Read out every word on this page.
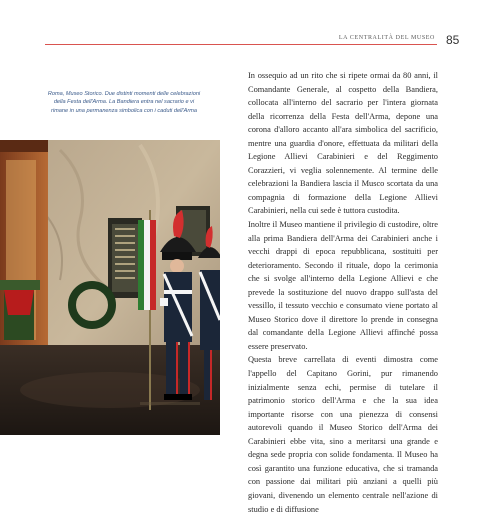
LA CENTRALITÀ DEL MUSEO 85
Roma, Museo Storico. Due distinti momenti delle celebrazioni
della Festa dell'Arma. La Bandiera entra nel sacrario e vi
rimane in una permanenza simbolica con i caduti dell'Arma

In ossequio ad un rito che si ripete ormai da 80 anni, il Comandante Generale, al cospetto della Bandiera, collocata all'interno del sacrario per l'intera giornata della ricorrenza della Festa dell'Arma, depone una corona d'alloro accanto all'ara simbolica del sacrificio, mentre una guardia d'onore, effettuata da militari della Legione Allievi Carabinieri e del Reggimento Corazzieri, vi veglia solennemente. Al termine delle celebrazioni la Bandiera lascia il Musco scortata da una compagnia di formazione della Legione Allievi Carabinieri, nella cui sede è tuttora custodita.

Inoltre il Museo mantiene il privilegio di custodire, oltre alla prima Bandiera dell'Arma dei Carabinieri anche i vecchi drappi di epoca repubblicana, sostituiti per deterioramento. Secondo il rituale, dopo la cerimonia che si svolge all'interno della Legione Allievi e che prevede la sostituzione del nuovo drappo sull'asta del vessillo, il tessuto vecchio e consumato viene portato al Museo Storico dove il direttore lo prende in consegna dal comandante della Legione Allievi affinché possa essere preservato.

Questa breve carrellata di eventi dimostra come l'appello del Capitano Gorini, pur rimanendo inizialmente senza echi, permise di tutelare il patrimonio storico dell'Arma e che la sua idea importante risorse con una pienezza di consensi autorevoli quando il Museo Storico dell'Arma dei Carabinieri ebbe vita, sino a meritarsi una grande e degna sede propria con solide fondamenta. Il Museo ha così garantito una funzione educativa, che si tramanda con passione dai militari più anziani a quelli più giovani, divenendo un elemento centrale nell'azione di studio e di diffusione
